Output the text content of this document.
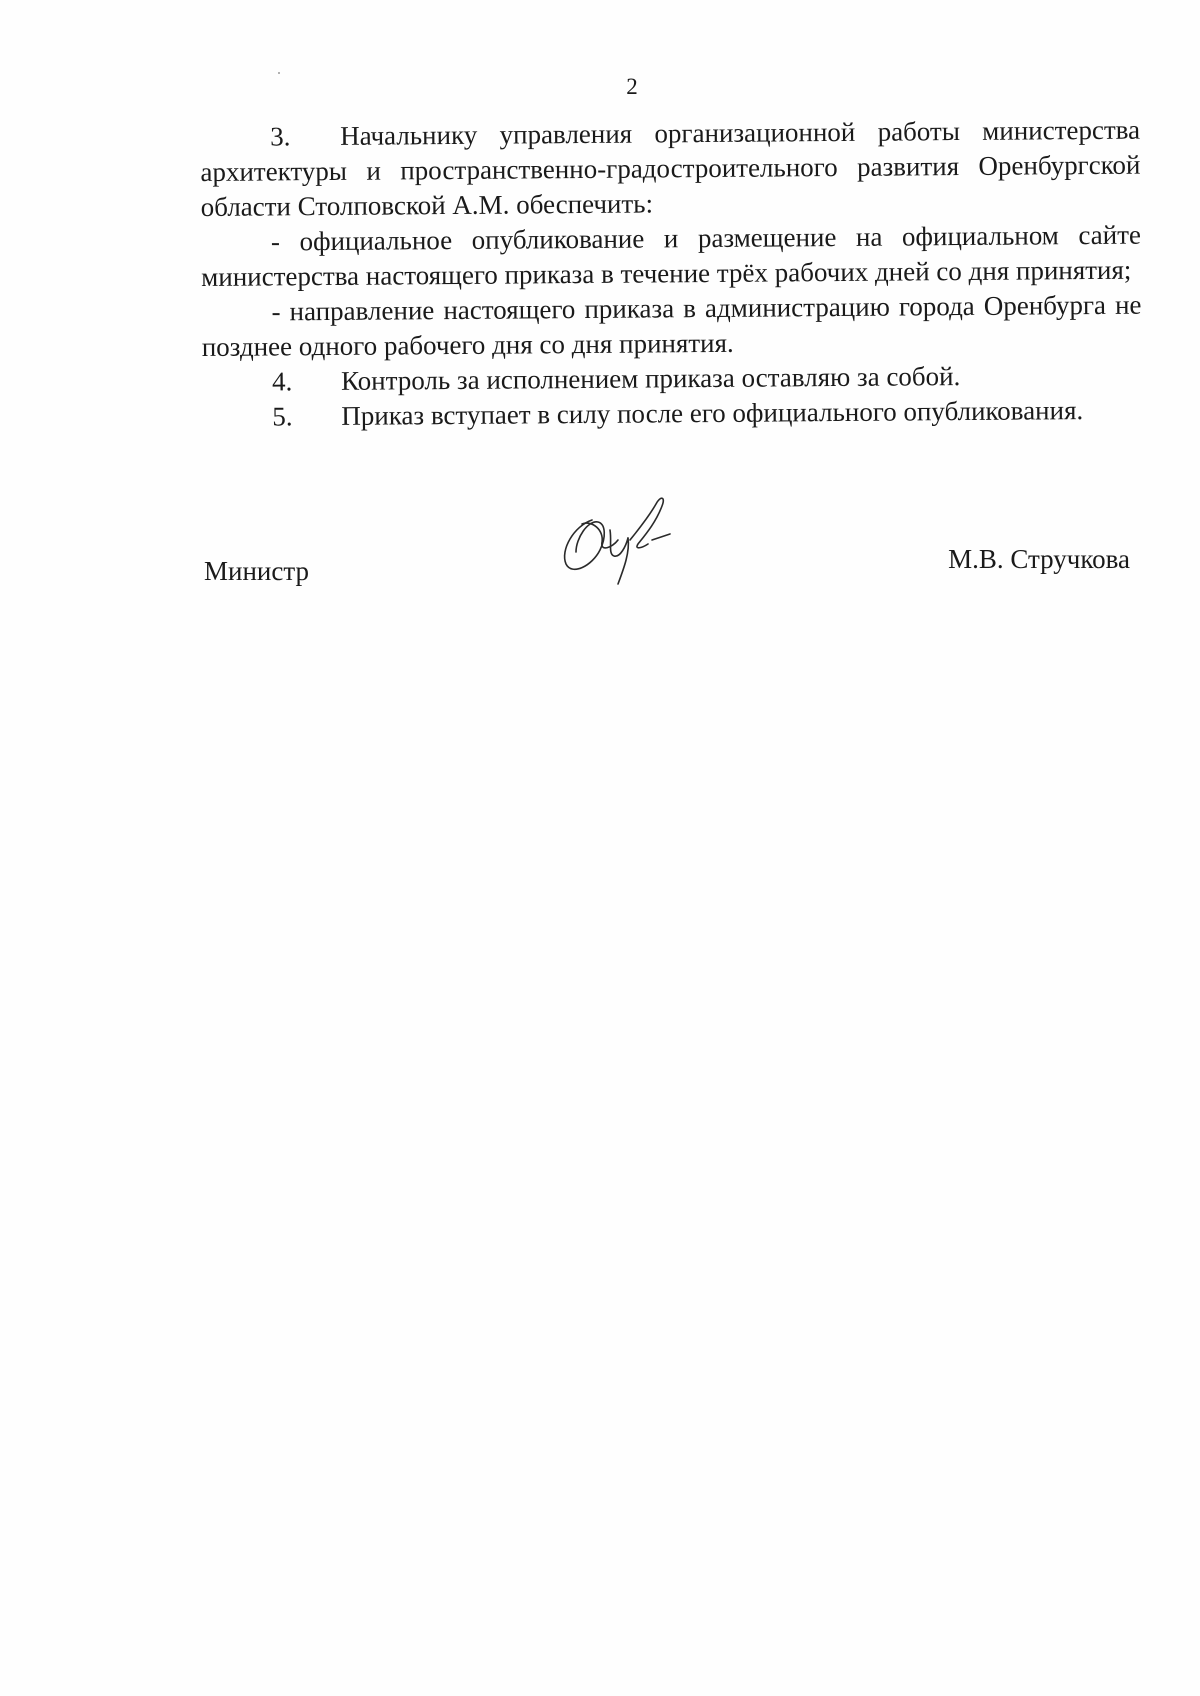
2

3. Начальнику управления организационной работы министерства архитектуры и пространственно-градостроительного развития Оренбургской области Столповской А.М. обеспечить:

- официальное опубликование и размещение на официальном сайте министерства настоящего приказа в течение трёх рабочих дней со дня принятия;

- направление настоящего приказа в администрацию города Оренбурга не позднее одного рабочего дня со дня принятия.

4. Контроль за исполнением приказа оставляю за собой.

5. Приказ вступает в силу после его официального опубликования.

Министр	М.В. Стручкова
